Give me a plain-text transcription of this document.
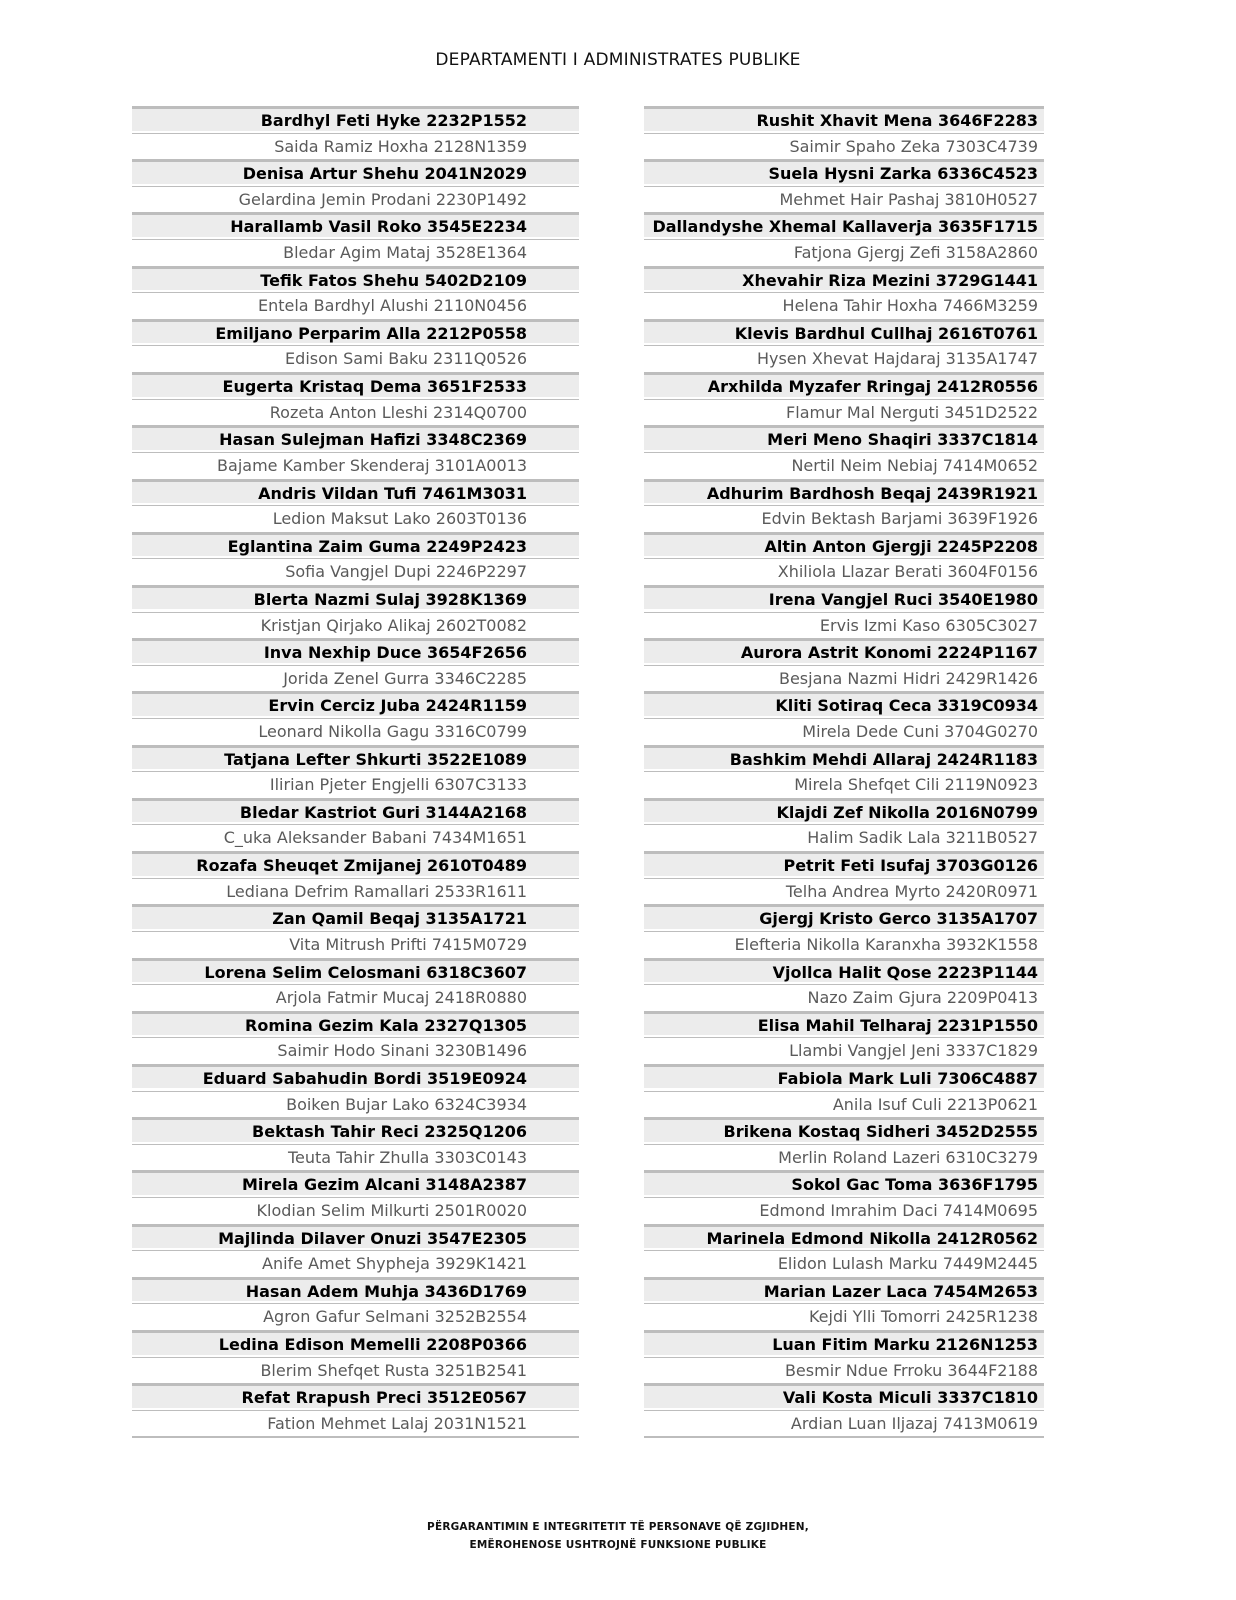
DEPARTAMENTI I ADMINISTRATES PUBLIKE
Bardhyl Feti Hyke 2232P1552
Saida Ramiz Hoxha 2128N1359
Denisa Artur Shehu 2041N2029
Gelardina Jemin Prodani 2230P1492
Harallamb Vasil Roko 3545E2234
Bledar Agim Mataj 3528E1364
Tefik Fatos Shehu 5402D2109
Entela Bardhyl Alushi 2110N0456
Emiljano Perparim Alla 2212P0558
Edison Sami Baku 2311Q0526
Eugerta Kristaq Dema 3651F2533
Rozeta Anton Lleshi 2314Q0700
Hasan Sulejman Hafizi 3348C2369
Bajame Kamber Skenderaj 3101A0013
Andris Vildan Tufi 7461M3031
Ledion Maksut Lako 2603T0136
Eglantina Zaim Guma 2249P2423
Sofia Vangjel Dupi 2246P2297
Blerta Nazmi Sulaj 3928K1369
Kristjan Qirjako Alikaj 2602T0082
Inva Nexhip Duce 3654F2656
Jorida Zenel Gurra 3346C2285
Ervin Cerciz Juba 2424R1159
Leonard Nikolla Gagu 3316C0799
Tatjana Lefter Shkurti 3522E1089
Ilirian Pjeter Engjelli 6307C3133
Bledar Kastriot Guri 3144A2168
C_uka Aleksander Babani 7434M1651
Rozafa Sheuqet Zmijanej 2610T0489
Lediana Defrim Ramallari 2533R1611
Zan Qamil Beqaj 3135A1721
Vita Mitrush Prifti 7415M0729
Lorena Selim Celosmani 6318C3607
Arjola Fatmir Mucaj 2418R0880
Romina Gezim Kala 2327Q1305
Saimir Hodo Sinani 3230B1496
Eduard Sabahudin Bordi 3519E0924
Boiken Bujar Lako 6324C3934
Bektash Tahir Reci 2325Q1206
Teuta Tahir Zhulla 3303C0143
Mirela Gezim Alcani 3148A2387
Klodian Selim Milkurti 2501R0020
Majlinda Dilaver Onuzi 3547E2305
Anife Amet Shypheja 3929K1421
Hasan Adem Muhja 3436D1769
Agron Gafur Selmani 3252B2554
Ledina Edison Memelli 2208P0366
Blerim Shefqet Rusta 3251B2541
Refat Rrapush Preci 3512E0567
Fation Mehmet Lalaj 2031N1521
Rushit Xhavit Mena 3646F2283
Saimir Spaho Zeka 7303C4739
Suela Hysni Zarka 6336C4523
Mehmet Hair Pashaj 3810H0527
Dallandyshe Xhemal Kallaverja 3635F1715
Fatjona Gjergj Zefi 3158A2860
Xhevahir Riza Mezini 3729G1441
Helena Tahir Hoxha 7466M3259
Klevis Bardhul Cullhaj 2616T0761
Hysen Xhevat Hajdaraj 3135A1747
Arxhilda Myzafer Rringaj 2412R0556
Flamur Mal Nerguti 3451D2522
Meri Meno Shaqiri 3337C1814
Nertil Neim Nebiaj 7414M0652
Adhurim Bardhosh Beqaj 2439R1921
Edvin Bektash Barjami 3639F1926
Altin Anton Gjergji 2245P2208
Xhiliola Llazar Berati 3604F0156
Irena Vangjel Ruci 3540E1980
Ervis Izmi Kaso 6305C3027
Aurora Astrit Konomi 2224P1167
Besjana Nazmi Hidri 2429R1426
Kliti Sotiraq Ceca 3319C0934
Mirela Dede Cuni 3704G0270
Bashkim Mehdi Allaraj 2424R1183
Mirela Shefqet Cili 2119N0923
Klajdi Zef Nikolla 2016N0799
Halim Sadik Lala 3211B0527
Petrit Feti Isufaj 3703G0126
Telha Andrea Myrto 2420R0971
Gjergj Kristo Gerco 3135A1707
Elefteria Nikolla Karanxha 3932K1558
Vjollca Halit Qose 2223P1144
Nazo Zaim Gjura 2209P0413
Elisa Mahil Telharaj 2231P1550
Llambi Vangjel Jeni 3337C1829
Fabiola Mark Luli 7306C4887
Anila Isuf Culi 2213P0621
Brikena Kostaq Sidheri 3452D2555
Merlin Roland Lazeri 6310C3279
Sokol Gac Toma 3636F1795
Edmond Imrahim Daci 7414M0695
Marinela Edmond Nikolla 2412R0562
Elidon Lulash Marku 7449M2445
Marian Lazer Laca 7454M2653
Kejdi Ylli Tomorri 2425R1238
Luan Fitim Marku 2126N1253
Besmir Ndue Frroku 3644F2188
Vali Kosta Miculi 3337C1810
Ardian Luan Iljazaj 7413M0619
PËRGARANTIMIN E INTEGRITETIT TË PERSONAVE QË ZGJIDHEN,
EMËROHENOSE USHTROJNË FUNKSIONE PUBLIKE
